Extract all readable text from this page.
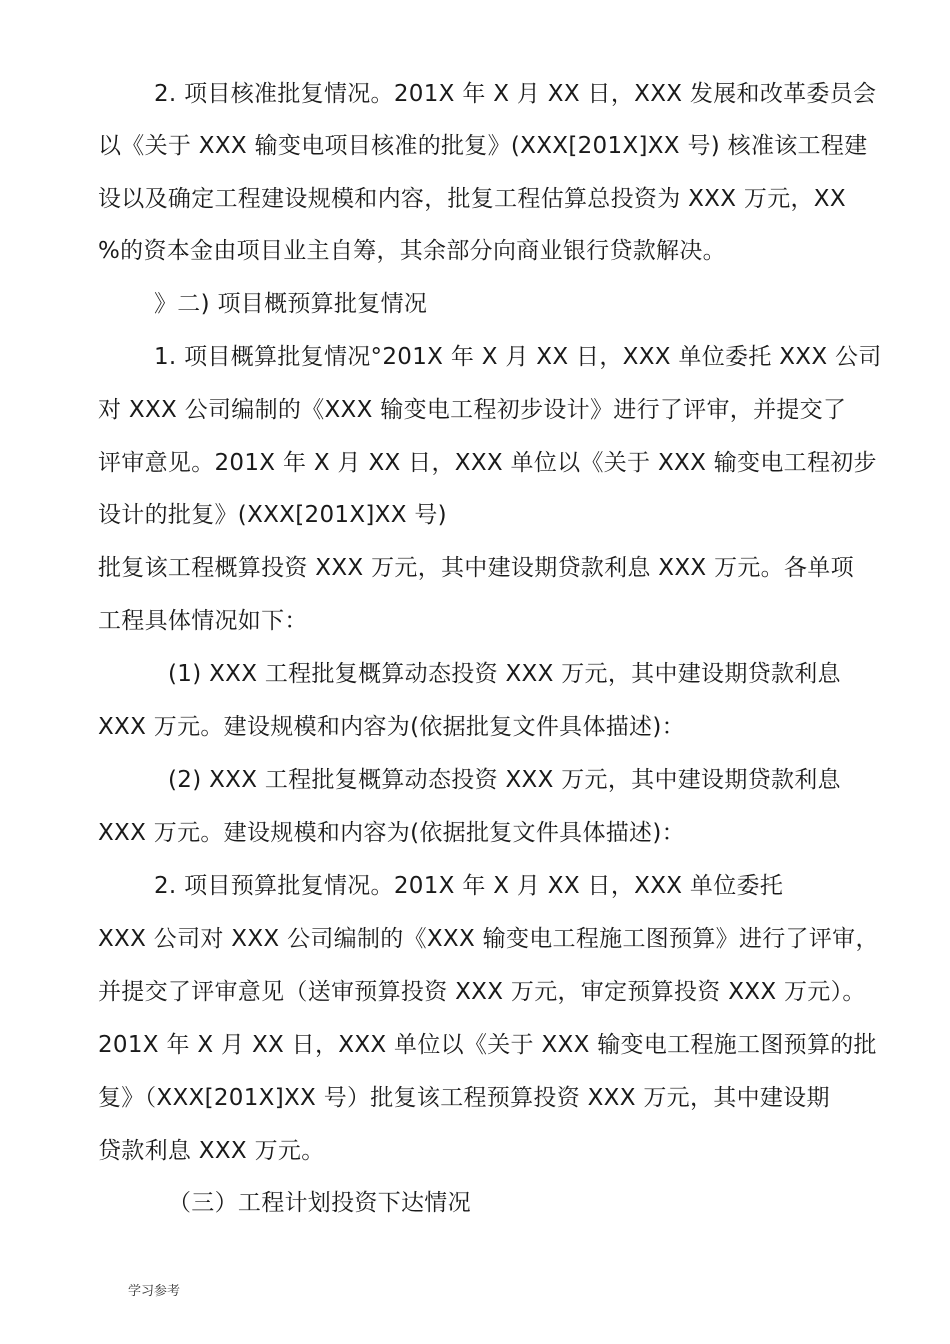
2. 项目核准批复情况。201X 年 X 月 XX 日，XXX 发展和改革委员会
以《关于 XXX 输变电项目核准的批复》(XXX[201X]XX 号) 核准该工程建
设以及确定工程建设规模和内容，批复工程估算总投资为 XXX 万元，XX
%的资本金由项目业主自筹，其余部分向商业银行贷款解决。
》二) 项目概预算批复情况
1. 项目概算批复情况°201X 年 X 月 XX 日，XXX 单位委托 XXX 公司
对 XXX 公司编制的《XXX 输变电工程初步设计》进行了评审，并提交了
评审意见。201X 年 X 月 XX 日，XXX 单位以《关于 XXX 输变电工程初步
设计的批复》(XXX[201X]XX 号)
批复该工程概算投资 XXX 万元，其中建设期贷款利息 XXX 万元。各单项
工程具体情况如下：
(1) XXX 工程批复概算动态投资 XXX 万元，其中建设期贷款利息
XXX 万元。建设规模和内容为(依据批复文件具体描述)：
(2) XXX 工程批复概算动态投资 XXX 万元，其中建设期贷款利息
XXX 万元。建设规模和内容为(依据批复文件具体描述)：
2. 项目预算批复情况。201X 年 X 月 XX 日，XXX 单位委托
XXX 公司对 XXX 公司编制的《XXX 输变电工程施工图预算》进行了评审，
并提交了评审意见（送审预算投资 XXX 万元，审定预算投资 XXX 万元）。
201X 年 X 月 XX 日，XXX 单位以《关于 XXX 输变电工程施工图预算的批
复》（XXX[201X]XX 号）批复该工程预算投资 XXX 万元，其中建设期
贷款利息 XXX 万元。
（三）工程计划投资下达情况
学习参考
